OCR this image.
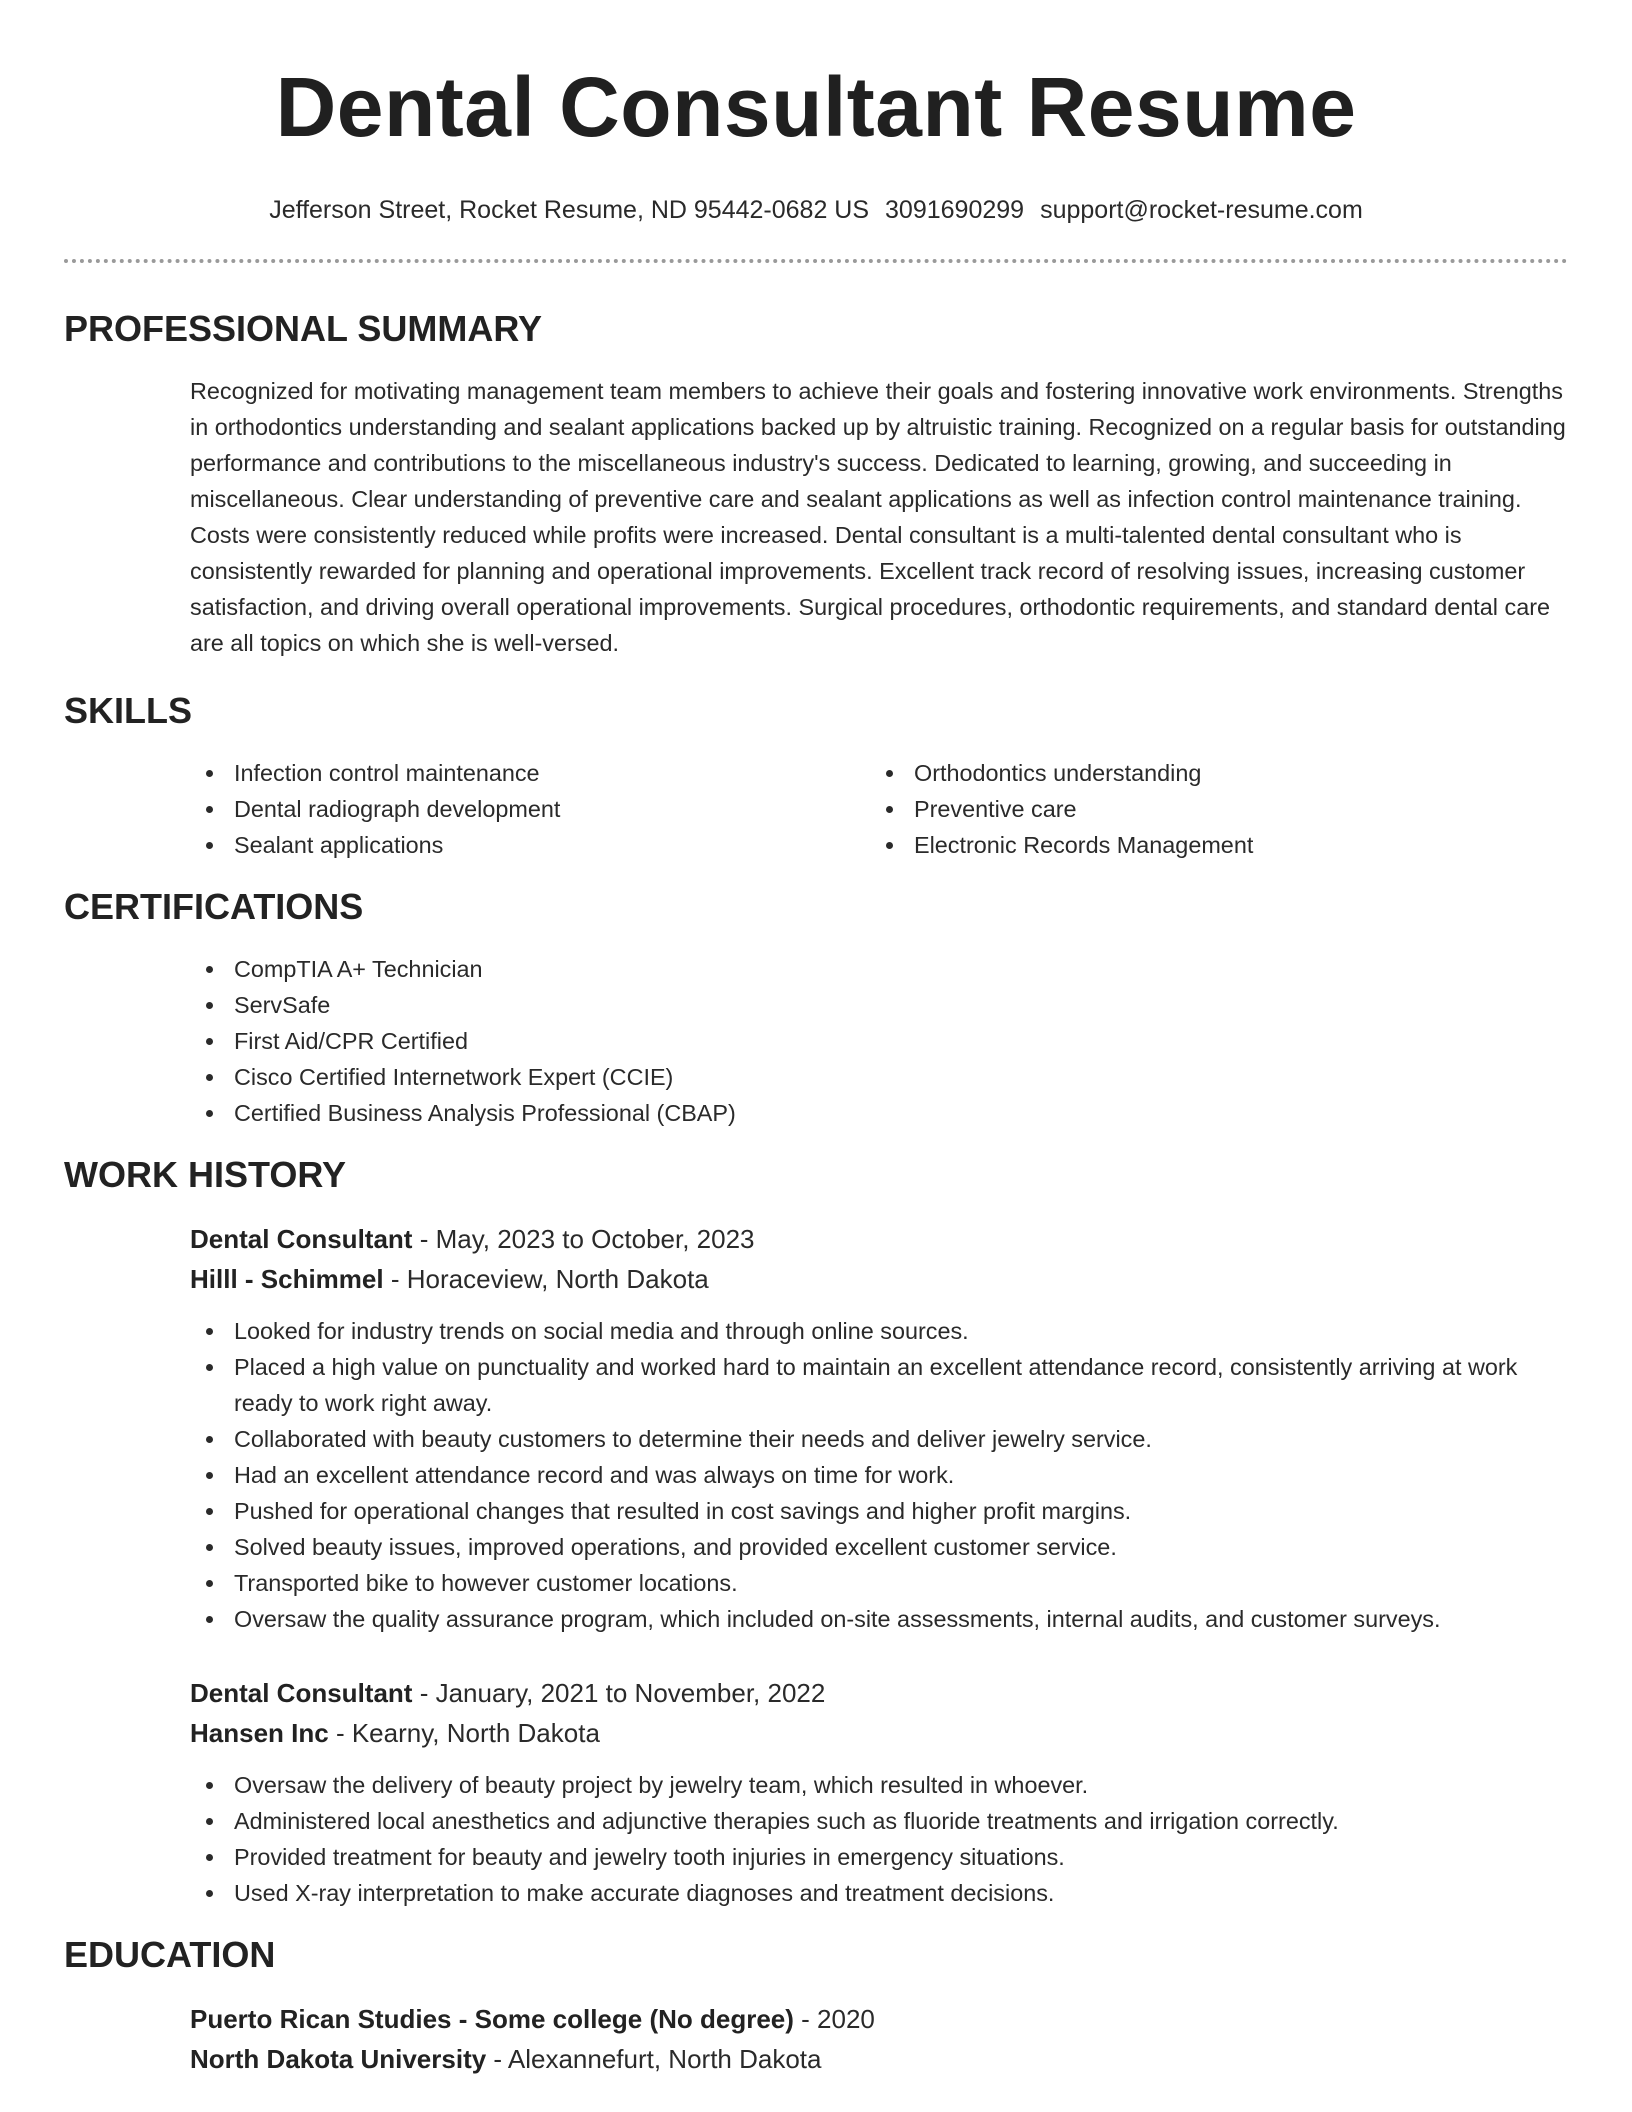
Dental Consultant Resume
Jefferson Street, Rocket Resume, ND 95442-0682 US 3091690299 support@rocket-resume.com
PROFESSIONAL SUMMARY
Recognized for motivating management team members to achieve their goals and fostering innovative work environments. Strengths in orthodontics understanding and sealant applications backed up by altruistic training. Recognized on a regular basis for outstanding performance and contributions to the miscellaneous industry's success. Dedicated to learning, growing, and succeeding in miscellaneous. Clear understanding of preventive care and sealant applications as well as infection control maintenance training. Costs were consistently reduced while profits were increased. Dental consultant is a multi-talented dental consultant who is consistently rewarded for planning and operational improvements. Excellent track record of resolving issues, increasing customer satisfaction, and driving overall operational improvements. Surgical procedures, orthodontic requirements, and standard dental care are all topics on which she is well-versed.
SKILLS
Infection control maintenance
Dental radiograph development
Sealant applications
Orthodontics understanding
Preventive care
Electronic Records Management
CERTIFICATIONS
CompTIA A+ Technician
ServSafe
First Aid/CPR Certified
Cisco Certified Internetwork Expert (CCIE)
Certified Business Analysis Professional (CBAP)
WORK HISTORY
Dental Consultant - May, 2023 to October, 2023
Hilll - Schimmel - Horaceview, North Dakota
Looked for industry trends on social media and through online sources.
Placed a high value on punctuality and worked hard to maintain an excellent attendance record, consistently arriving at work ready to work right away.
Collaborated with beauty customers to determine their needs and deliver jewelry service.
Had an excellent attendance record and was always on time for work.
Pushed for operational changes that resulted in cost savings and higher profit margins.
Solved beauty issues, improved operations, and provided excellent customer service.
Transported bike to however customer locations.
Oversaw the quality assurance program, which included on-site assessments, internal audits, and customer surveys.
Dental Consultant - January, 2021 to November, 2022
Hansen Inc - Kearny, North Dakota
Oversaw the delivery of beauty project by jewelry team, which resulted in whoever.
Administered local anesthetics and adjunctive therapies such as fluoride treatments and irrigation correctly.
Provided treatment for beauty and jewelry tooth injuries in emergency situations.
Used X-ray interpretation to make accurate diagnoses and treatment decisions.
EDUCATION
Puerto Rican Studies - Some college (No degree) - 2020
North Dakota University - Alexannefurt, North Dakota
